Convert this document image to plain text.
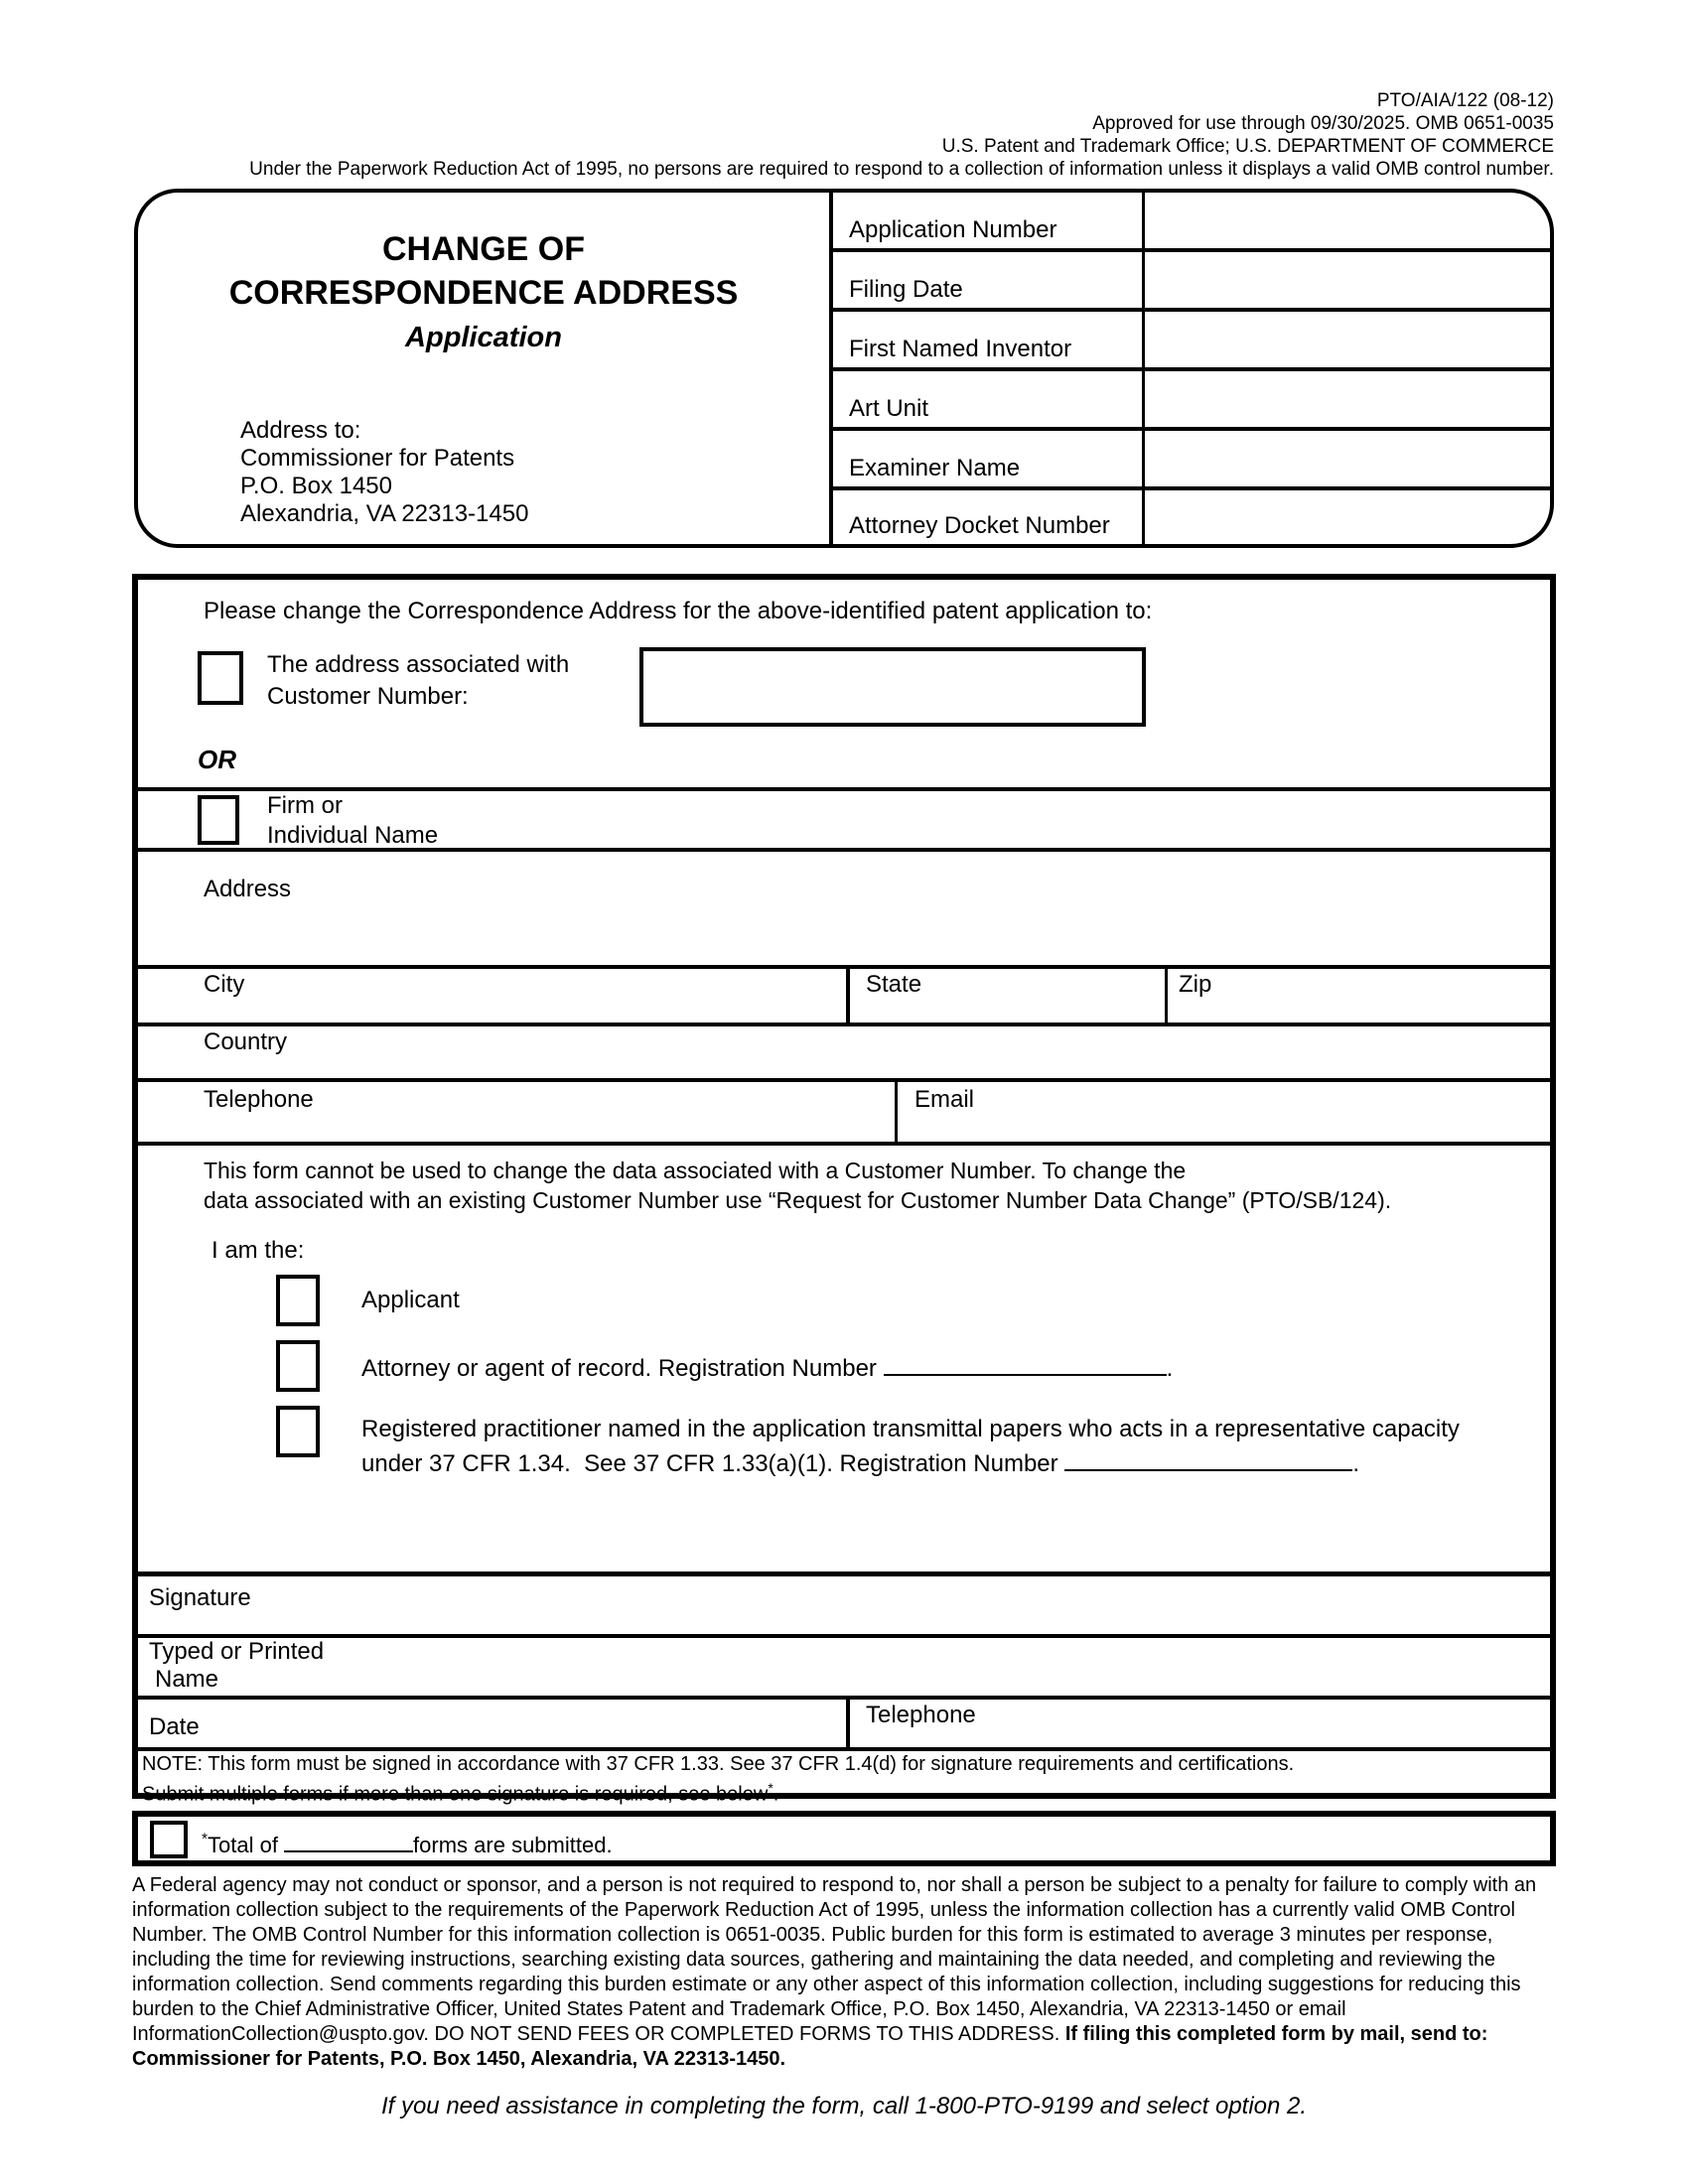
PTO/AIA/122 (08-12)
Approved for use through 09/30/2025. OMB 0651-0035
U.S. Patent and Trademark Office; U.S. DEPARTMENT OF COMMERCE
Under the Paperwork Reduction Act of 1995, no persons are required to respond to a collection of information unless it displays a valid OMB control number.
CHANGE OF
CORRESPONDENCE ADDRESS
Application
Address to:
Commissioner for Patents
P.O. Box 1450
Alexandria, VA 22313-1450
Application Number
Filing Date
First Named Inventor
Art Unit
Examiner Name
Attorney Docket Number
Please change the Correspondence Address for the above-identified patent application to:
The address associated with
Customer Number:
OR
Firm or
Individual Name
Address
City	State	Zip
Country
Telephone	Email
This form cannot be used to change the data associated with a Customer Number. To change the
data associated with an existing Customer Number use “Request for Customer Number Data Change” (PTO/SB/124).
I am the:
Applicant
Attorney or agent of record. Registration Number	.
Registered practitioner named in the application transmittal papers who acts in a representative capacity
under 37 CFR 1.34.  See 37 CFR 1.33(a)(1). Registration Number	.
Signature
Typed or Printed
Name
Date	Telephone
NOTE: This form must be signed in accordance with 37 CFR 1.33. See 37 CFR 1.4(d) for signature requirements and certifications.
Submit multiple forms if more than one signature is required, see below*.
*Total of	forms are submitted.
A Federal agency may not conduct or sponsor, and a person is not required to respond to, nor shall a person be subject to a penalty for failure to comply with an
information collection subject to the requirements of the Paperwork Reduction Act of 1995, unless the information collection has a currently valid OMB Control
Number. The OMB Control Number for this information collection is 0651-0035. Public burden for this form is estimated to average 3 minutes per response,
including the time for reviewing instructions, searching existing data sources, gathering and maintaining the data needed, and completing and reviewing the
information collection. Send comments regarding this burden estimate or any other aspect of this information collection, including suggestions for reducing this
burden to the Chief Administrative Officer, United States Patent and Trademark Office, P.O. Box 1450, Alexandria, VA 22313-1450 or email
InformationCollection@uspto.gov. DO NOT SEND FEES OR COMPLETED FORMS TO THIS ADDRESS. If filing this completed form by mail, send to:
Commissioner for Patents, P.O. Box 1450, Alexandria, VA 22313-1450.
If you need assistance in completing the form, call 1-800-PTO-9199 and select option 2.
